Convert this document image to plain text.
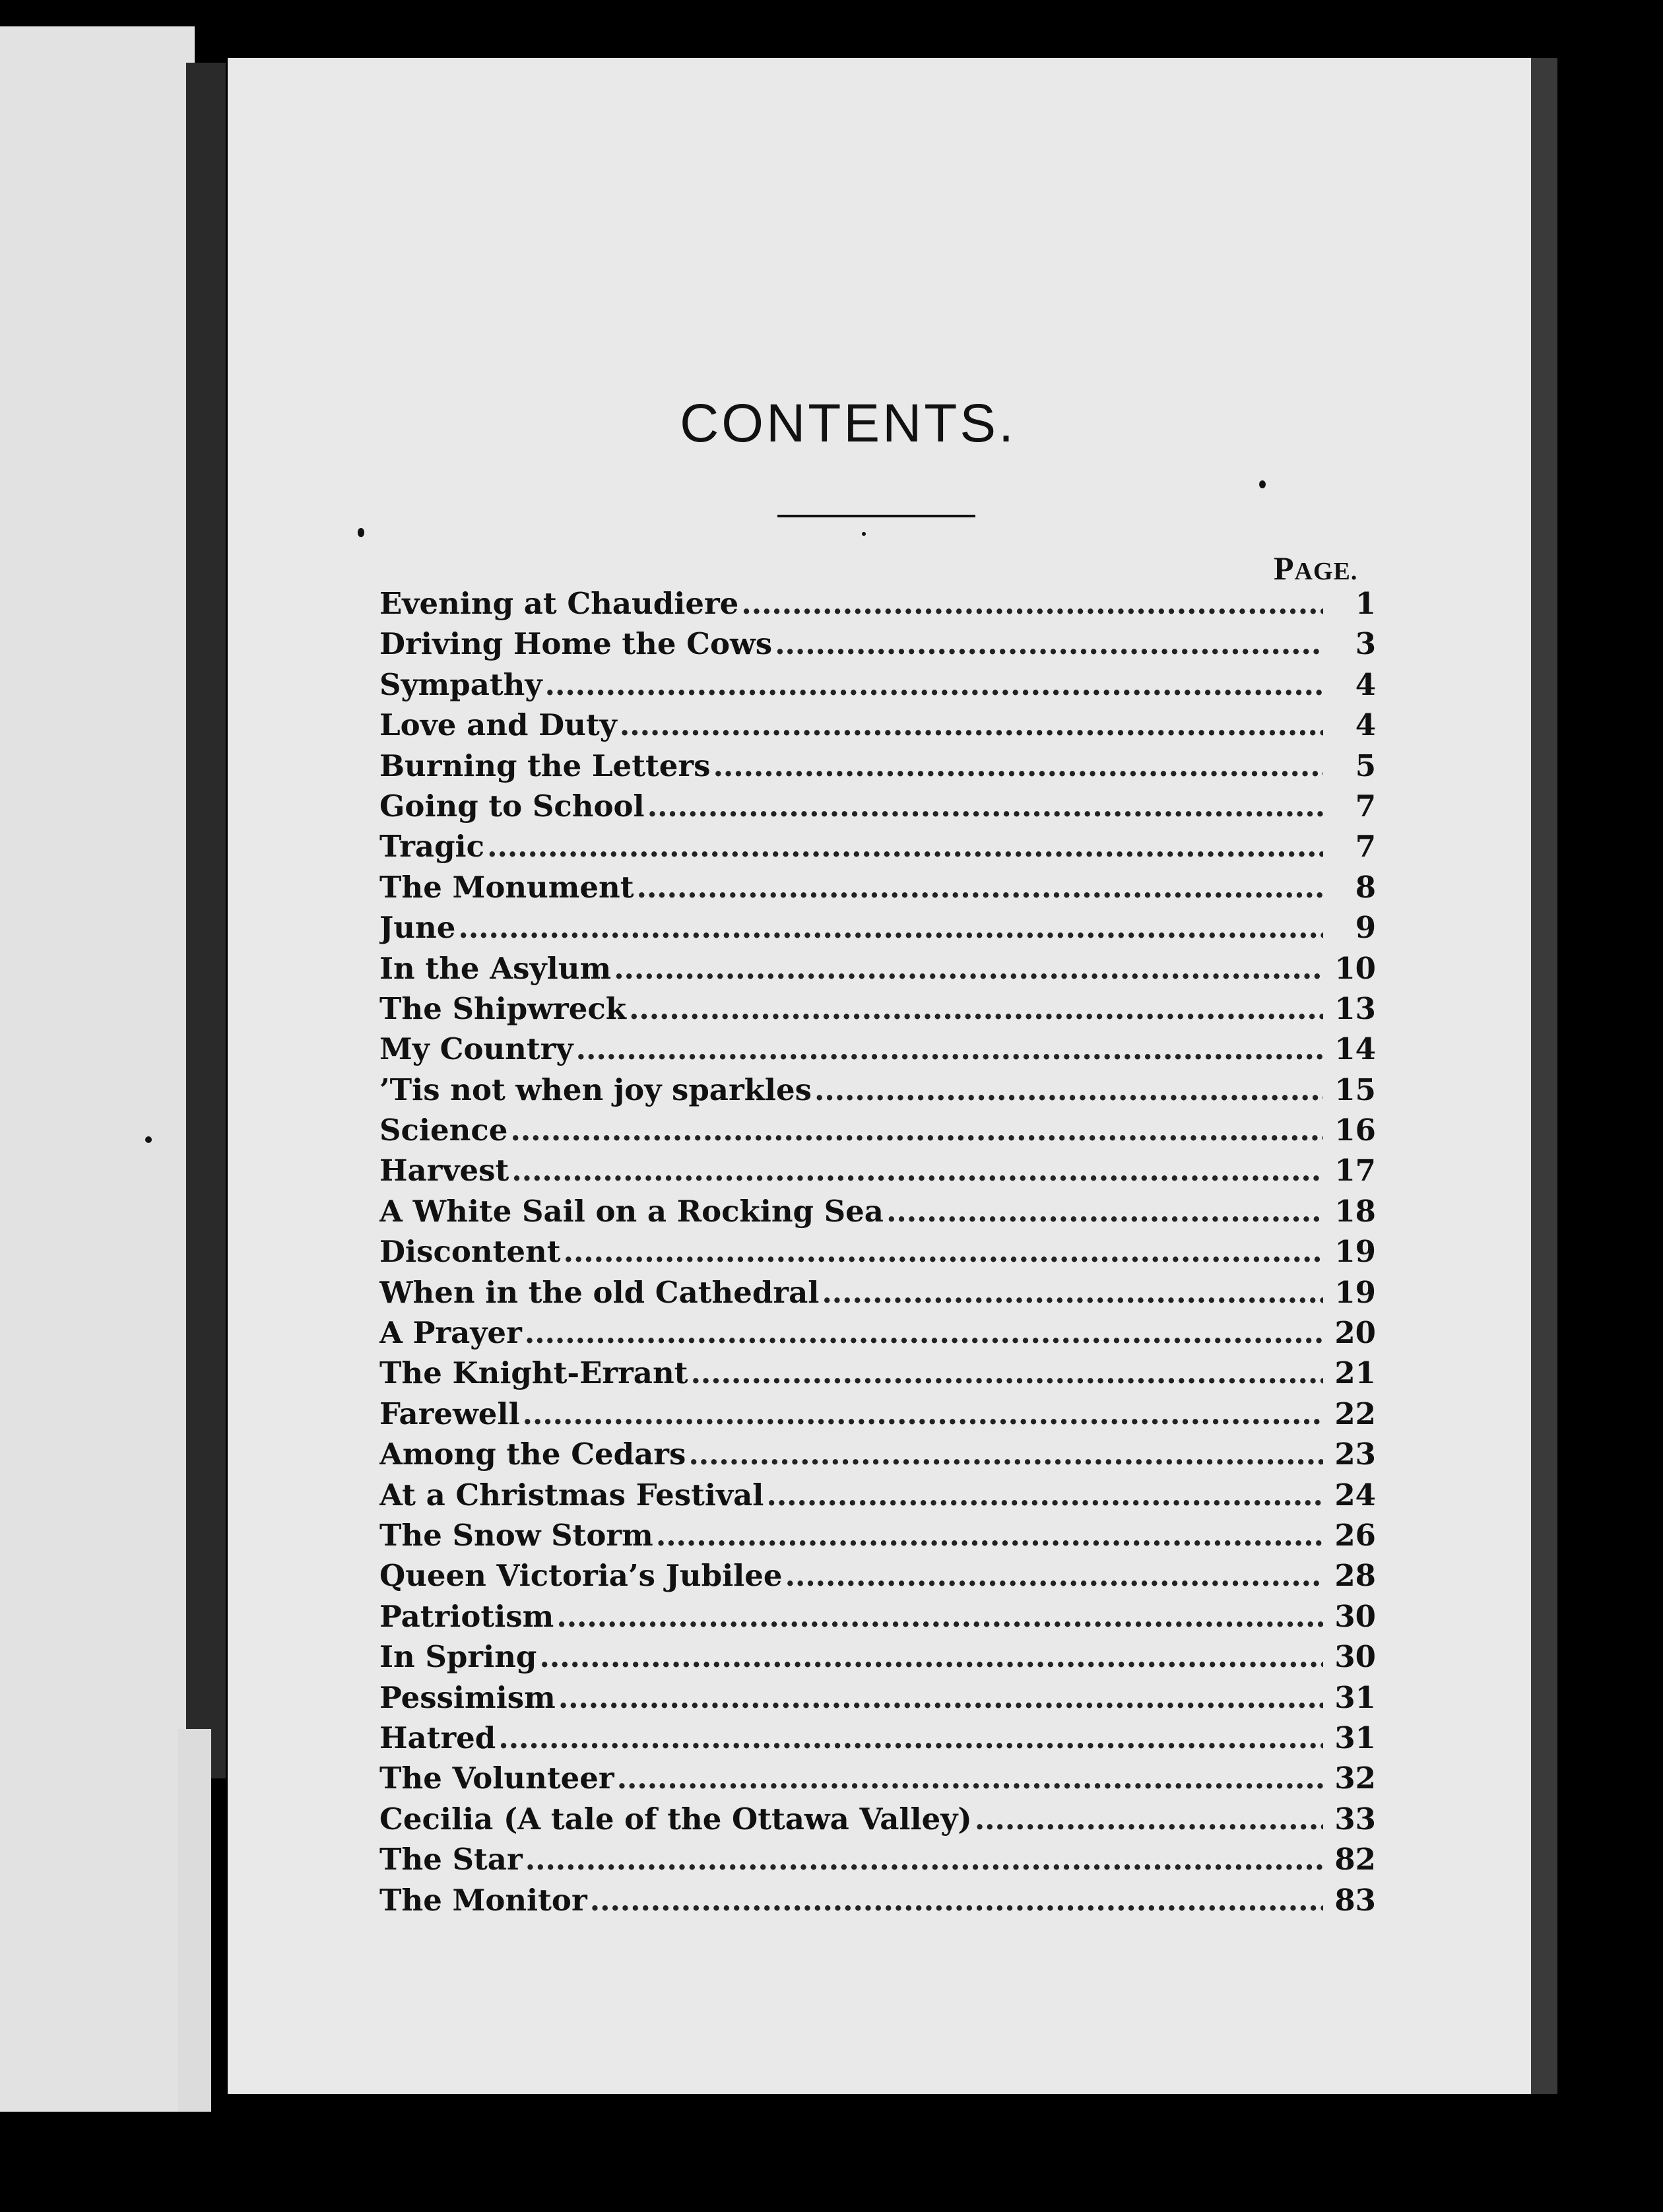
CONTENTS.
PAGE.
Evening at Chaudiere . . .	1
Driving Home the Cows . . .	3
Sympathy . . .	4
Love and Duty . . .	4
Burning the Letters . . .	5
Going to School . . .	7
Tragic . . .	7
The Monument . . .	8
June . . .	9
In the Asylum . . .	10
The Shipwreck . . .	13
My Country . . .	14
’Tis not when joy sparkles . . .	15
Science . . .	16
Harvest . . .	17
A White Sail on a Rocking Sea . . .	18
Discontent . . .	19
When in the old Cathedral . . .	19
A Prayer . . .	20
The Knight-Errant . . .	21
Farewell . . .	22
Among the Cedars . . .	23
At a Christmas Festival . . .	24
The Snow Storm . . .	26
Queen Victoria’s Jubilee . . .	28
Patriotism . . .	30
In Spring . . .	30
Pessimism . . .	31
Hatred . . .	31
The Volunteer . . .	32
Cecilia (A tale of the Ottawa Valley) . . .	33
The Star . . .	82
The Monitor . . .	83
